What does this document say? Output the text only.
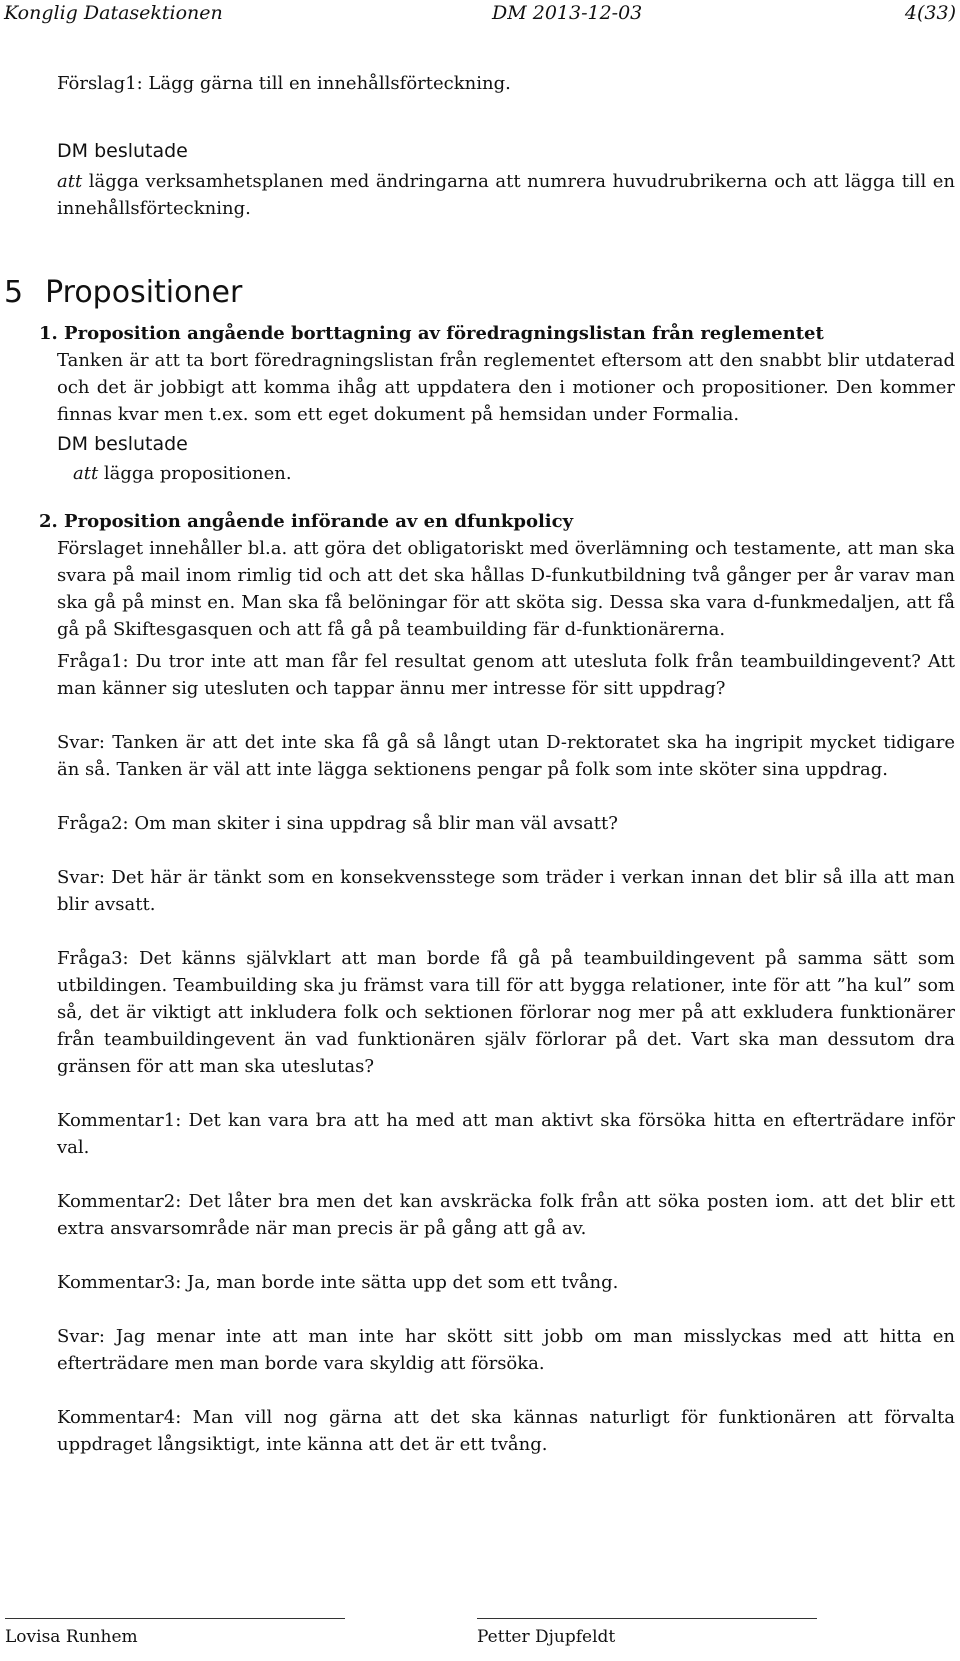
Konglig Datasektionen	DM 2013-12-03	4(33)

Förslag1: Lägg gärna till en innehållsförteckning.

DM beslutade

att lägga verksamhetsplanen med ändringarna att numrera huvudrubrikerna och att lägga till en innehållsförteckning.

5 Propositioner

1. Proposition angående borttagning av föredragningslistan från reglementet

Tanken är att ta bort föredragningslistan från reglementet eftersom att den snabbt blir utdaterad och det är jobbigt att komma ihåg att uppdatera den i motioner och propositioner. Den kommer finnas kvar men t.ex. som ett eget dokument på hemsidan under Formalia.

DM beslutade

att lägga propositionen.

2. Proposition angående införande av en dfunkpolicy

Förslaget innehåller bl.a. att göra det obligatoriskt med överlämning och testamente, att man ska svara på mail inom rimlig tid och att det ska hållas D-funkutbildning två gånger per år varav man ska gå på minst en. Man ska få belöningar för att sköta sig. Dessa ska vara d-funkmedaljen, att få gå på Skiftesgasquen och att få gå på teambuilding fär d-funktionärerna.

Fråga1: Du tror inte att man får fel resultat genom att utesluta folk från teambuildingevent? Att man känner sig utesluten och tappar ännu mer intresse för sitt uppdrag?

Svar: Tanken är att det inte ska få gå så långt utan D-rektoratet ska ha ingripit mycket tidigare än så. Tanken är väl att inte lägga sektionens pengar på folk som inte sköter sina uppdrag.

Fråga2: Om man skiter i sina uppdrag så blir man väl avsatt?

Svar: Det här är tänkt som en konsekvensstege som träder i verkan innan det blir så illa att man blir avsatt.

Fråga3: Det känns självklart att man borde få gå på teambuildingevent på samma sätt som utbildingen. Teambuilding ska ju främst vara till för att bygga relationer, inte för att ”ha kul” som så, det är viktigt att inkludera folk och sektionen förlorar nog mer på att exkludera funktionärer från teambuildingevent än vad funktionären själv förlorar på det. Vart ska man dessutom dra gränsen för att man ska uteslutas?

Kommentar1: Det kan vara bra att ha med att man aktivt ska försöka hitta en efterträdare inför val.

Kommentar2: Det låter bra men det kan avskräcka folk från att söka posten iom. att det blir ett extra ansvarsområde när man precis är på gång att gå av.

Kommentar3: Ja, man borde inte sätta upp det som ett tvång.

Svar: Jag menar inte att man inte har skött sitt jobb om man misslyckas med att hitta en efterträdare men man borde vara skyldig att försöka.

Kommentar4: Man vill nog gärna att det ska kännas naturligt för funktionären att förvalta uppdraget långsiktigt, inte känna att det är ett tvång.

Lovisa Runhem	Petter Djupfeldt
